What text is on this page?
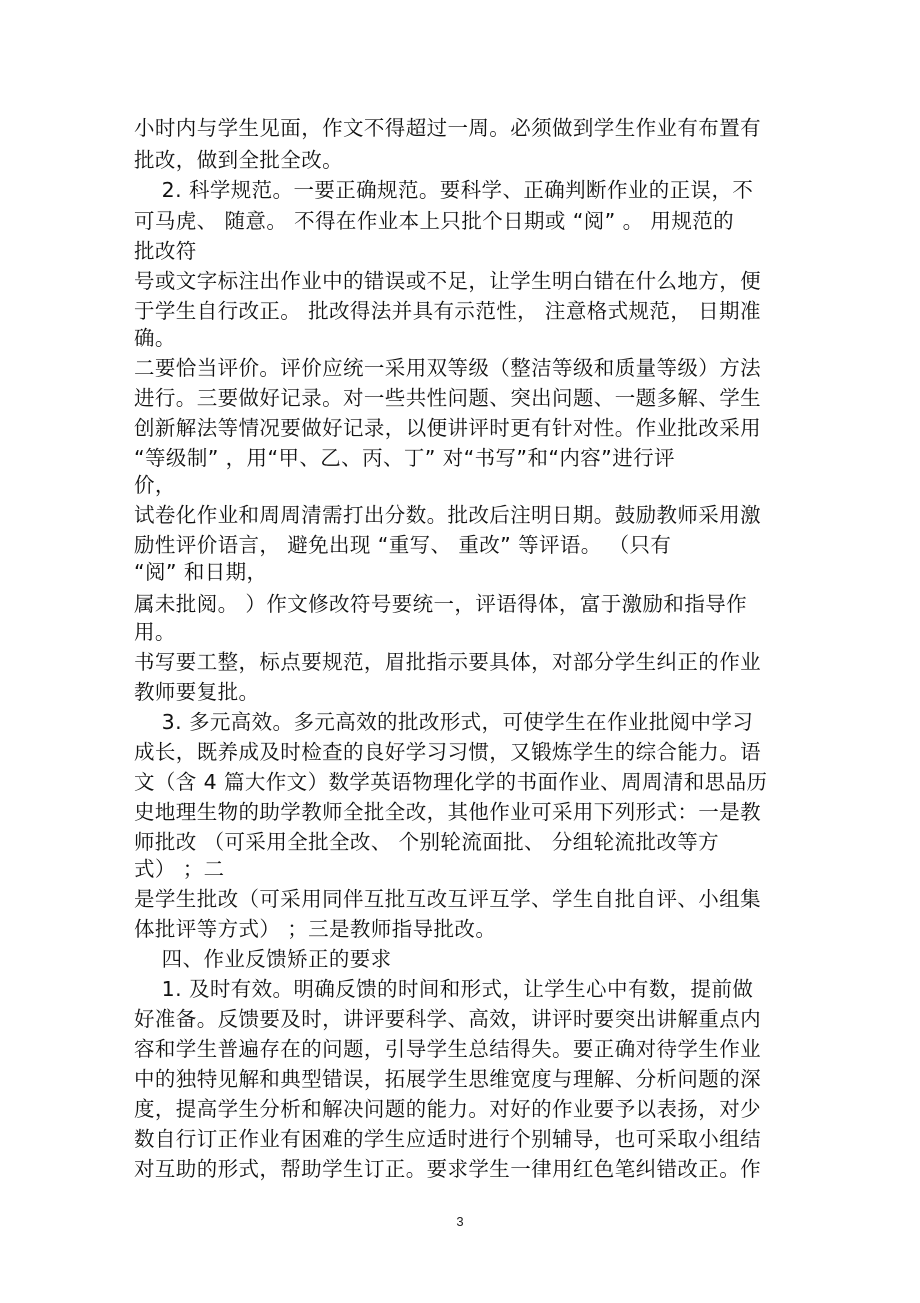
小时内与学生见面，作文不得超过一周。必须做到学生作业有布置有
批改，做到全批全改。
2. 科学规范。一要正确规范。要科学、正确判断作业的正误，不
可马虎、 随意。 不得在作业本上只批个日期或 “阅” 。 用规范的
批改符
号或文字标注出作业中的错误或不足，让学生明白错在什么地方，便
于学生自行改正。 批改得法并具有示范性， 注意格式规范， 日期准
确。
二要恰当评价。评价应统一采用双等级（整洁等级和质量等级）方法
进行。三要做好记录。对一些共性问题、突出问题、一题多解、学生
创新解法等情况要做好记录，以便讲评时更有针对性。作业批改采用
“等级制” ，用“甲、乙、丙、丁” 对“书写”和“内容”进行评
价，
试卷化作业和周周清需打出分数。批改后注明日期。鼓励教师采用激
励性评价语言， 避免出现 “重写、 重改” 等评语。 （只有
“阅” 和日期，
属未批阅。 ）作文修改符号要统一，评语得体，富于激励和指导作
用。
书写要工整，标点要规范，眉批指示要具体，对部分学生纠正的作业
教师要复批。
3. 多元高效。多元高效的批改形式，可使学生在作业批阅中学习
成长，既养成及时检查的良好学习习惯，又锻炼学生的综合能力。语
文（含 4 篇大作文）数学英语物理化学的书面作业、周周清和思品历
史地理生物的助学教师全批全改，其他作业可采用下列形式：一是教
师批改 （可采用全批全改、 个别轮流面批、 分组轮流批改等方
式） ；二
是学生批改（可采用同伴互批互改互评互学、学生自批自评、小组集
体批评等方式） ；三是教师指导批改。
四、作业反馈矫正的要求
1. 及时有效。明确反馈的时间和形式，让学生心中有数，提前做
好准备。反馈要及时，讲评要科学、高效，讲评时要突出讲解重点内
容和学生普遍存在的问题，引导学生总结得失。要正确对待学生作业
中的独特见解和典型错误，拓展学生思维宽度与理解、分析问题的深
度，提高学生分析和解决问题的能力。对好的作业要予以表扬，对少
数自行订正作业有困难的学生应适时进行个别辅导，也可采取小组结
对互助的形式，帮助学生订正。要求学生一律用红色笔纠错改正。作
3
